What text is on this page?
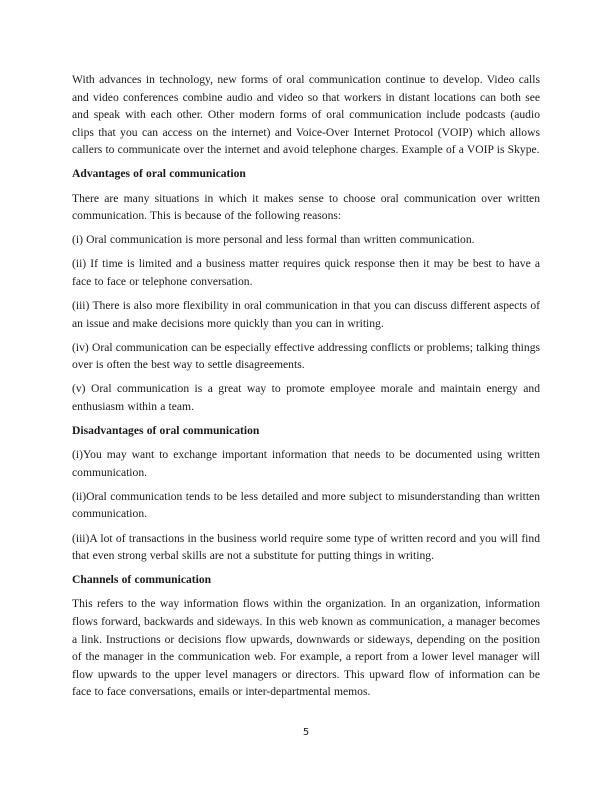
With advances in technology, new forms of oral communication continue to develop. Video calls and video conferences combine audio and video so that workers in distant locations can both see and speak with each other. Other modern forms of oral communication include podcasts (audio clips that you can access on the internet) and Voice-Over Internet Protocol (VOIP) which allows callers to communicate over the internet and avoid telephone charges. Example of a VOIP is Skype.

Advantages of oral communication

There are many situations in which it makes sense to choose oral communication over written communication. This is because of the following reasons:

(i) Oral communication is more personal and less formal than written communication.

(ii) If time is limited and a business matter requires quick response then it may be best to have a face to face or telephone conversation.

(iii) There is also more flexibility in oral communication in that you can discuss different aspects of an issue and make decisions more quickly than you can in writing.

(iv) Oral communication can be especially effective addressing conflicts or problems; talking things over is often the best way to settle disagreements.

(v) Oral communication is a great way to promote employee morale and maintain energy and enthusiasm within a team.

Disadvantages of oral communication

(i)You may want to exchange important information that needs to be documented using written communication.

(ii)Oral communication tends to be less detailed and more subject to misunderstanding than written communication.

(iii)A lot of transactions in the business world require some type of written record and you will find that even strong verbal skills are not a substitute for putting things in writing.

Channels of communication

This refers to the way information flows within the organization. In an organization, information flows forward, backwards and sideways. In this web known as communication, a manager becomes a link. Instructions or decisions flow upwards, downwards or sideways, depending on the position of the manager in the communication web. For example, a report from a lower level manager will flow upwards to the upper level managers or directors. This upward flow of information can be face to face conversations, emails or inter-departmental memos.

5
